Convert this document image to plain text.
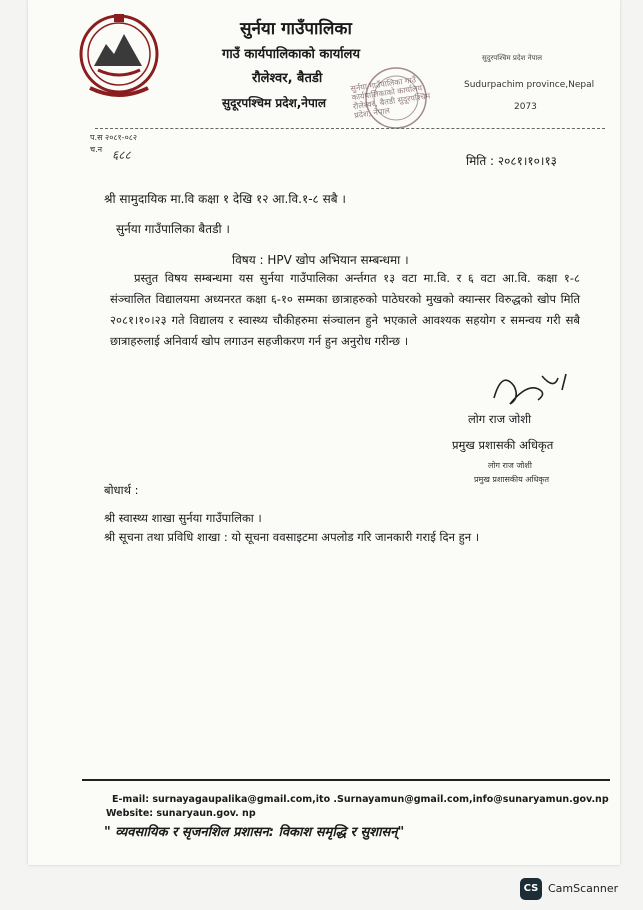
सुर्नया गाउँपालिका
गाउँ कार्यपालिकाको कार्यालय
रौलेश्वर, बैतडी
सुदूरपश्चिम प्रदेश,नेपाल
सुर्नया गाउँपालिका गाउँ कार्यपालिकाको कार्यालय रौलेश्वर, बैतडी सुदूरपश्चिम प्रदेश, नेपाल
सुदुरपश्चिम प्रदेश नेपाल
Sudurpachim province,Nepal
2073
प.स २०८१-०८२
च.न ६८८	मिति : २०८१।१०।१३
श्री सामुदायिक मा.वि कक्षा १ देखि १२ आ.वि.१-८ सबै ।
सुर्नया गाउँपालिका बैतडी ।
विषय : HPV खोप अभियान सम्बन्धमा ।

प्रस्तुत विषय सम्बन्धमा यस सुर्नया गाउँपालिका अर्न्तगत १३ वटा मा.वि. र ६ वटा आ.वि. कक्षा १-८ संञ्चालित विद्यालयमा अध्यनरत कक्षा ६-१० सम्मका छात्राहरुको पाठेघरको मुखको क्यान्सर विरुद्धको खोप मिति २०८१।१०।२३ गते विद्यालय र स्वास्थ्य चौकीहरुमा संञ्चालन हुने भएकाले आवश्यक सहयोग र समन्वय गरी सबै छात्राहरुलाई अनिवार्य खोप लगाउन सहजीकरण गर्न हुन अनुरोध गरीन्छ ।

लोग राज जोशी
प्रमुख प्रशासकी अधिकृत
लोग राज जोशी
प्रमुख प्रशासकीय अधिकृत
बोधार्थ :
श्री स्वास्थ्य शाखा सुर्नया गाउँपालिका ।
श्री सूचना तथा प्रविधि शाखा : यो सूचना ववसाइटमा अपलोड गरि जानकारी गराई दिन हुन ।
E-mail: surnayagaupalika@gmail.com,ito .Surnayamun@gmail.com,info@sunaryamun.gov.np
Website: sunaryaun.gov. np
" व्यवसायिक र सृजनशिल प्रशासन: विकाश समृद्धि र सुशासन्"
CS CamScanner
